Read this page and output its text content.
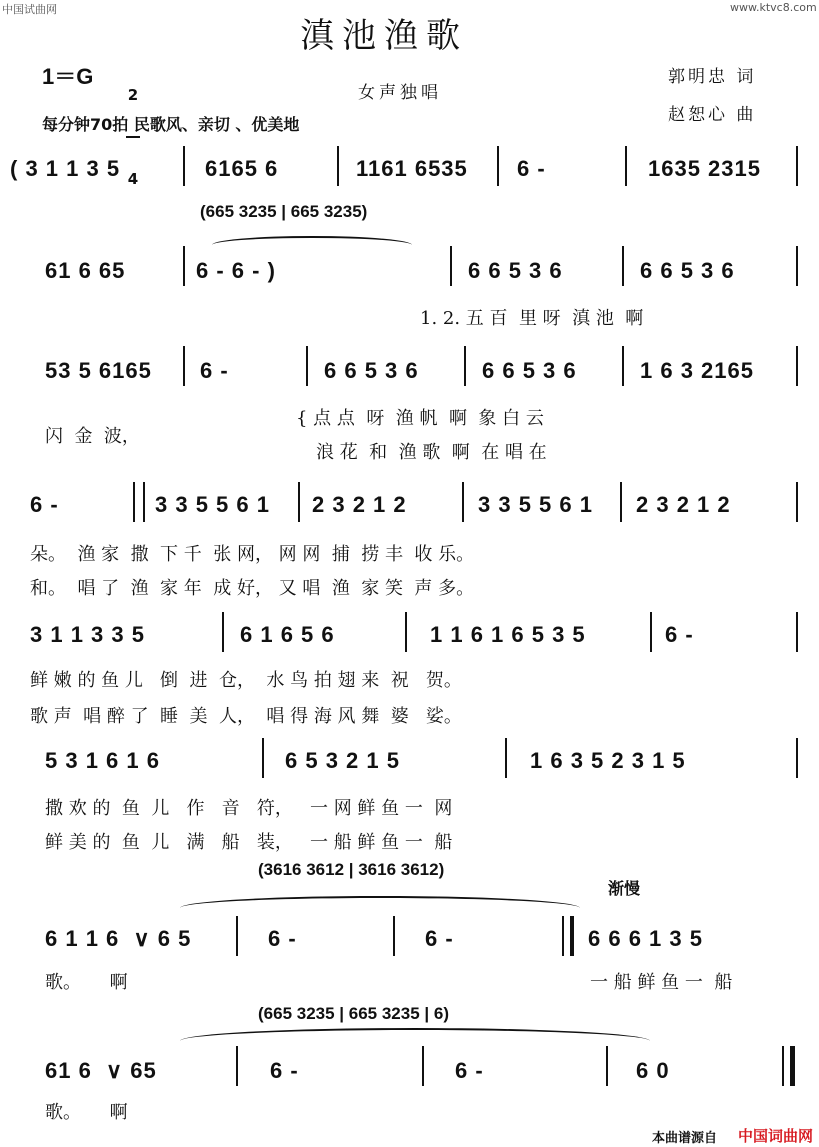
中国试曲网	www.ktvc8.com
滇池渔歌
1＝G

2

4

女声独唱
郭明忠 词
赵恕心 曲
每分钟70拍 民歌风、亲切 、优美地
( 3 1 1 3 5	6165 6	1161 6535 6 -	1635 2315
(665 3235 | 665 3235)
61 6 65	6 - 6 - )	6 6 5 3 6	6 6 5 3 6
1. 2. 五 百  里 呀  滇 池  啊
53 5 6165 6 -	6 6 5 3 6	6 6 5 3 6	1 6 3 2165
闪  金  波，
{ 点 点  呀  渔 帆  啊  象 白 云
浪 花  和  渔 歌  啊  在 唱 在
6 -	3 3 5 5 6 1 2 3 2 1 2	3 3 5 5 6 1 2 3 2 1 2
朵。  渔 家  撒  下 千  张 网， 网 网  捕  捞 丰  收 乐。
和。  唱 了  渔  家 年  成 好， 又 唱  渔  家 笑  声 多。
3 1 1 3 3 5	6 1 6 5 6	1 1 6 1 6 5 3 5	6 -
鲜 嫩 的 鱼 儿   倒  进  仓，  水 鸟 拍 翅 来  祝   贺。
歌 声  唱 醉 了  睡  美  人，  唱 得 海 风 舞  婆   娑。
5 3 1 6 1 6	6 5 3 2 1 5	1 6 3 5 2 3 1 5
撒 欢 的  鱼  儿   作   音   符，   一 网 鲜 鱼 一  网
鲜 美 的  鱼  儿   满   船   装，   一 船 鲜 鱼 一  船
(3616 3612 | 3616 3612)
渐慢
6 1 1 6  ∨ 6 5	6 -	6 -	6 6 6 1 3 5
歌。     啊	一 船 鲜 鱼 一  船
(665 3235 | 665 3235 | 6)
61 6  ∨ 65	6 -	6 -	6 0
歌。     啊
本曲谱源自 中国词曲网
